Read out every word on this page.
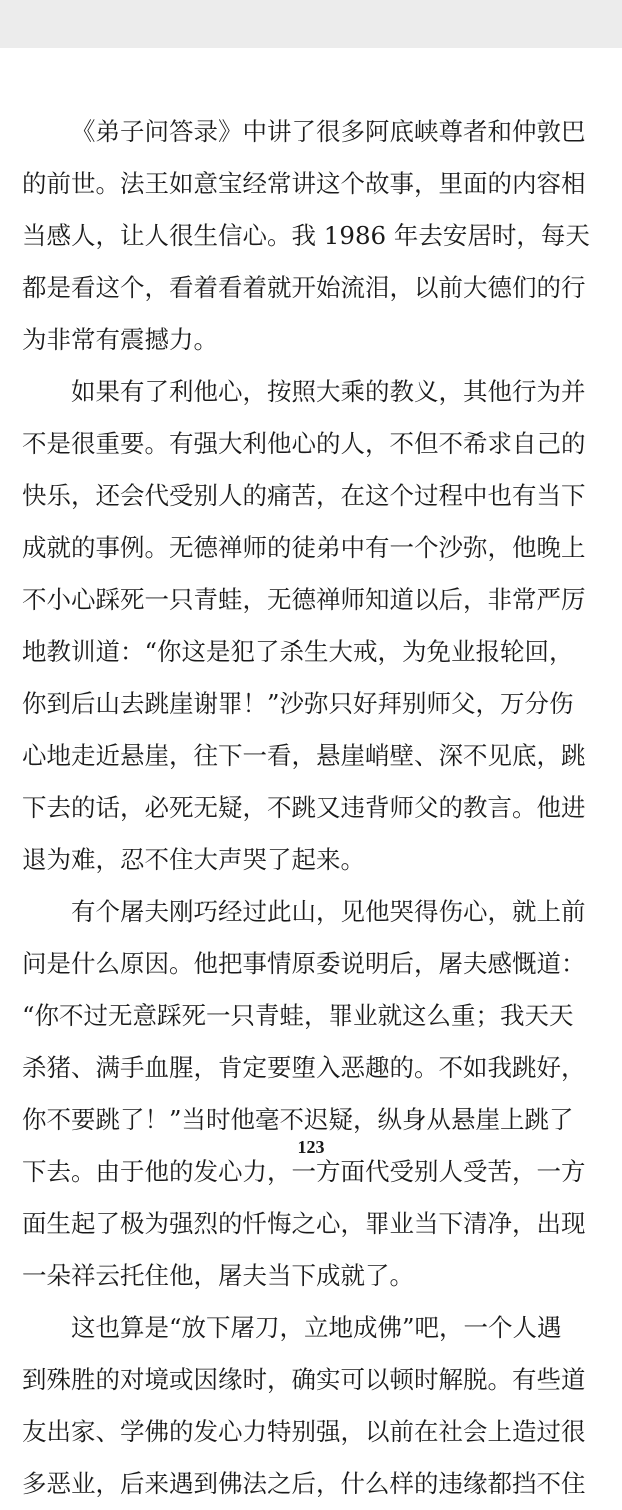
《弟子问答录》中讲了很多阿底峡尊者和仲敦巴
的前世。法王如意宝经常讲这个故事，里面的内容相
当感人，让人很生信心。我 1986 年去安居时，每天
都是看这个，看着看着就开始流泪，以前大德们的行
为非常有震撼力。
如果有了利他心，按照大乘的教义，其他行为并
不是很重要。有强大利他心的人，不但不希求自己的
快乐，还会代受别人的痛苦，在这个过程中也有当下
成就的事例。无德禅师的徒弟中有一个沙弥，他晚上
不小心踩死一只青蛙，无德禅师知道以后，非常严厉
地教训道：“你这是犯了杀生大戒，为免业报轮回，
你到后山去跳崖谢罪！”沙弥只好拜别师父，万分伤
心地走近悬崖，往下一看，悬崖峭壁、深不见底，跳
下去的话，必死无疑，不跳又违背师父的教言。他进
退为难，忍不住大声哭了起来。
有个屠夫刚巧经过此山，见他哭得伤心，就上前
问是什么原因。他把事情原委说明后，屠夫感慨道：
“你不过无意踩死一只青蛙，罪业就这么重；我天天
杀猪、满手血腥，肯定要堕入恶趣的。不如我跳好，
你不要跳了！”当时他毫不迟疑，纵身从悬崖上跳了
下去。由于他的发心力，一方面代受别人受苦，一方
面生起了极为强烈的忏悔之心，罪业当下清净，出现
一朵祥云托住他，屠夫当下成就了。
这也算是“放下屠刀，立地成佛”吧，一个人遇
到殊胜的对境或因缘时，确实可以顿时解脱。有些道
友出家、学佛的发心力特别强，以前在社会上造过很
多恶业，后来遇到佛法之后，什么样的违缘都挡不住
123
